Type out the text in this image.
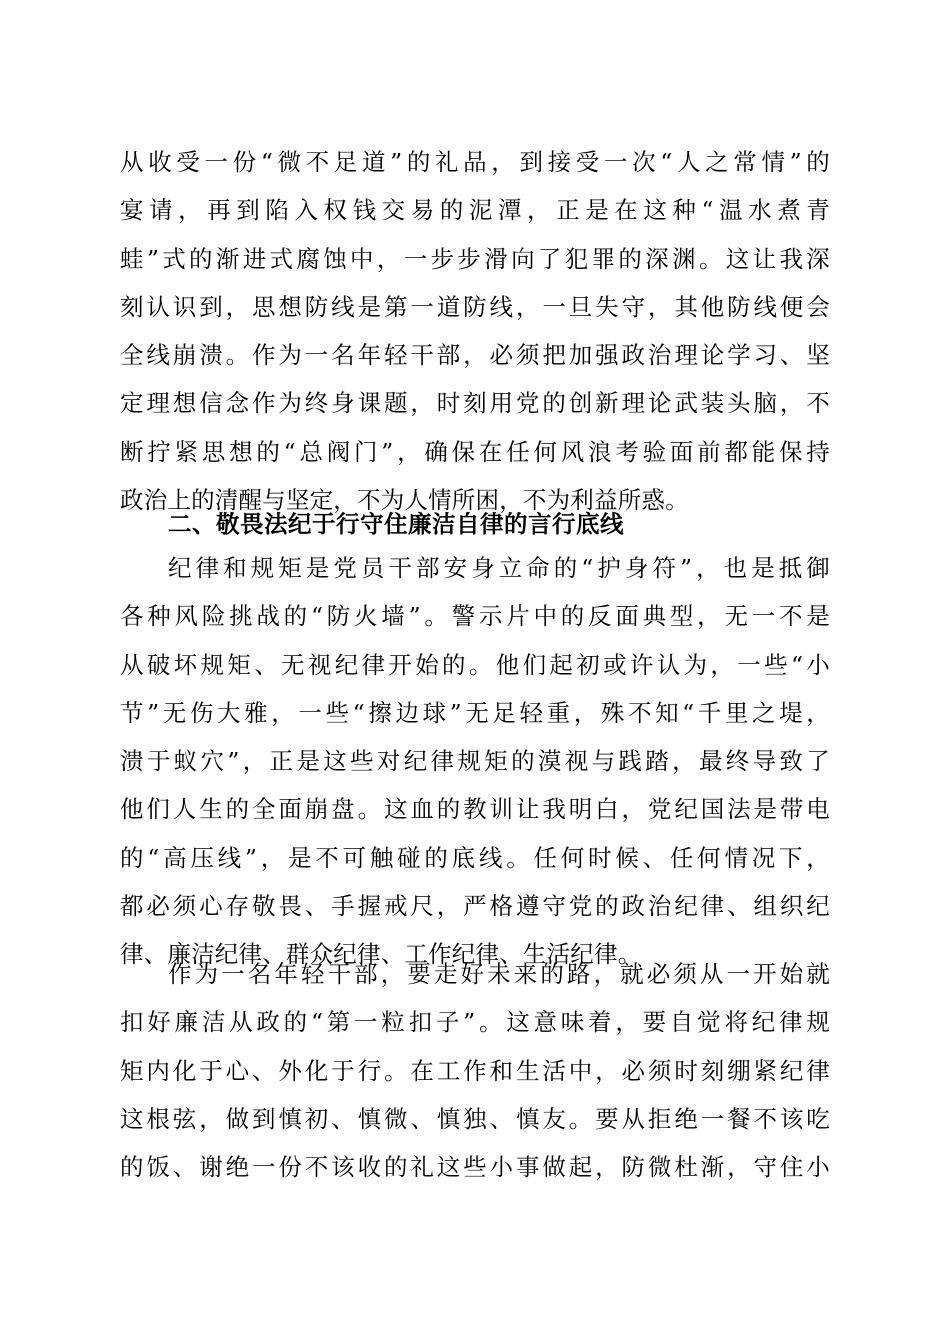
从收受一份“微不足道”的礼品，到接受一次“人之常情”的
宴请，再到陷入权钱交易的泥潭，正是在这种“温水煮青
蛙”式的渐进式腐蚀中，一步步滑向了犯罪的深渊。这让我深
刻认识到，思想防线是第一道防线，一旦失守，其他防线便会
全线崩溃。作为一名年轻干部，必须把加强政治理论学习、坚
定理想信念作为终身课题，时刻用党的创新理论武装头脑，不
断拧紧思想的“总阀门”，确保在任何风浪考验面前都能保持
政治上的清醒与坚定，不为人情所困，不为利益所惑。
二、敬畏法纪于行守住廉洁自律的言行底线
纪律和规矩是党员干部安身立命的“护身符”，也是抵御
各种风险挑战的“防火墙”。警示片中的反面典型，无一不是
从破坏规矩、无视纪律开始的。他们起初或许认为，一些“小
节”无伤大雅，一些“擦边球”无足轻重，殊不知“千里之堤，
溃于蚁穴”，正是这些对纪律规矩的漠视与践踏，最终导致了
他们人生的全面崩盘。这血的教训让我明白，党纪国法是带电
的“高压线”，是不可触碰的底线。任何时候、任何情况下，
都必须心存敬畏、手握戒尺，严格遵守党的政治纪律、组织纪
律、廉洁纪律、群众纪律、工作纪律、生活纪律。
作为一名年轻干部，要走好未来的路，就必须从一开始就
扣好廉洁从政的“第一粒扣子”。这意味着，要自觉将纪律规
矩内化于心、外化于行。在工作和生活中，必须时刻绷紧纪律
这根弦，做到慎初、慎微、慎独、慎友。要从拒绝一餐不该吃
的饭、谢绝一份不该收的礼这些小事做起，防微杜渐，守住小
